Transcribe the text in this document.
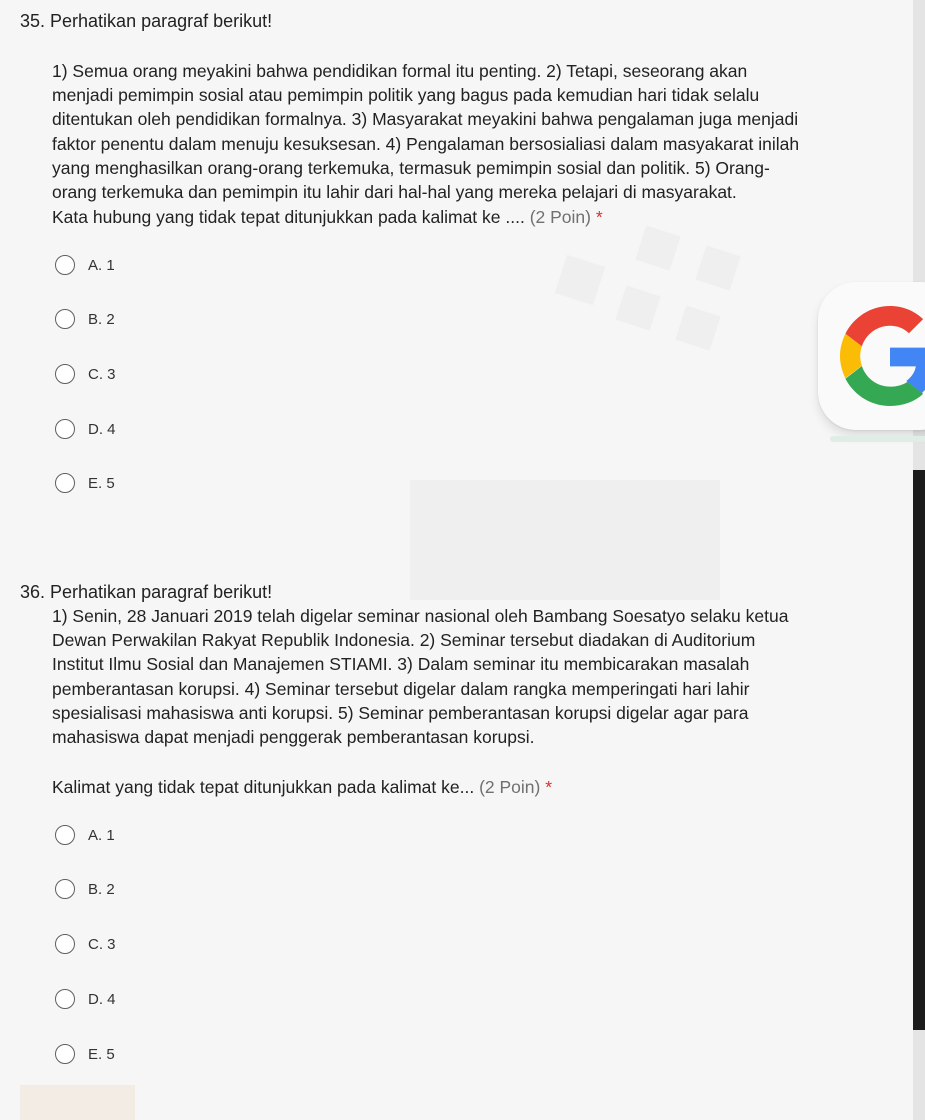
35. Perhatikan paragraf berikut!
1) Semua orang meyakini bahwa pendidikan formal itu penting. 2) Tetapi, seseorang akan
menjadi pemimpin sosial atau pemimpin politik yang bagus pada kemudian hari tidak selalu
ditentukan oleh pendidikan formalnya. 3) Masyarakat meyakini bahwa pengalaman juga menjadi
faktor penentu dalam menuju kesuksesan. 4) Pengalaman bersosialiasi dalam masyakarat inilah
yang menghasilkan orang-orang terkemuka, termasuk pemimpin sosial dan politik. 5) Orang-
orang terkemuka dan pemimpin itu lahir dari hal-hal yang mereka pelajari di masyarakat.
Kata hubung yang tidak tepat ditunjukkan pada kalimat ke .... (2 Poin) *
A. 1
B. 2
C. 3
D. 4
E. 5
36. Perhatikan paragraf berikut!
1) Senin, 28 Januari 2019 telah digelar seminar nasional oleh Bambang Soesatyo selaku ketua
Dewan Perwakilan Rakyat Republik Indonesia. 2) Seminar tersebut diadakan di Auditorium
Institut Ilmu Sosial dan Manajemen STIAMI. 3) Dalam seminar itu membicarakan masalah
pemberantasan korupsi. 4) Seminar tersebut digelar dalam rangka memperingati hari lahir
spesialisasi mahasiswa anti korupsi. 5) Seminar pemberantasan korupsi digelar agar para
mahasiswa dapat menjadi penggerak pemberantasan korupsi.
Kalimat yang tidak tepat ditunjukkan pada kalimat ke... (2 Poin) *
A. 1
B. 2
C. 3
D. 4
E. 5
